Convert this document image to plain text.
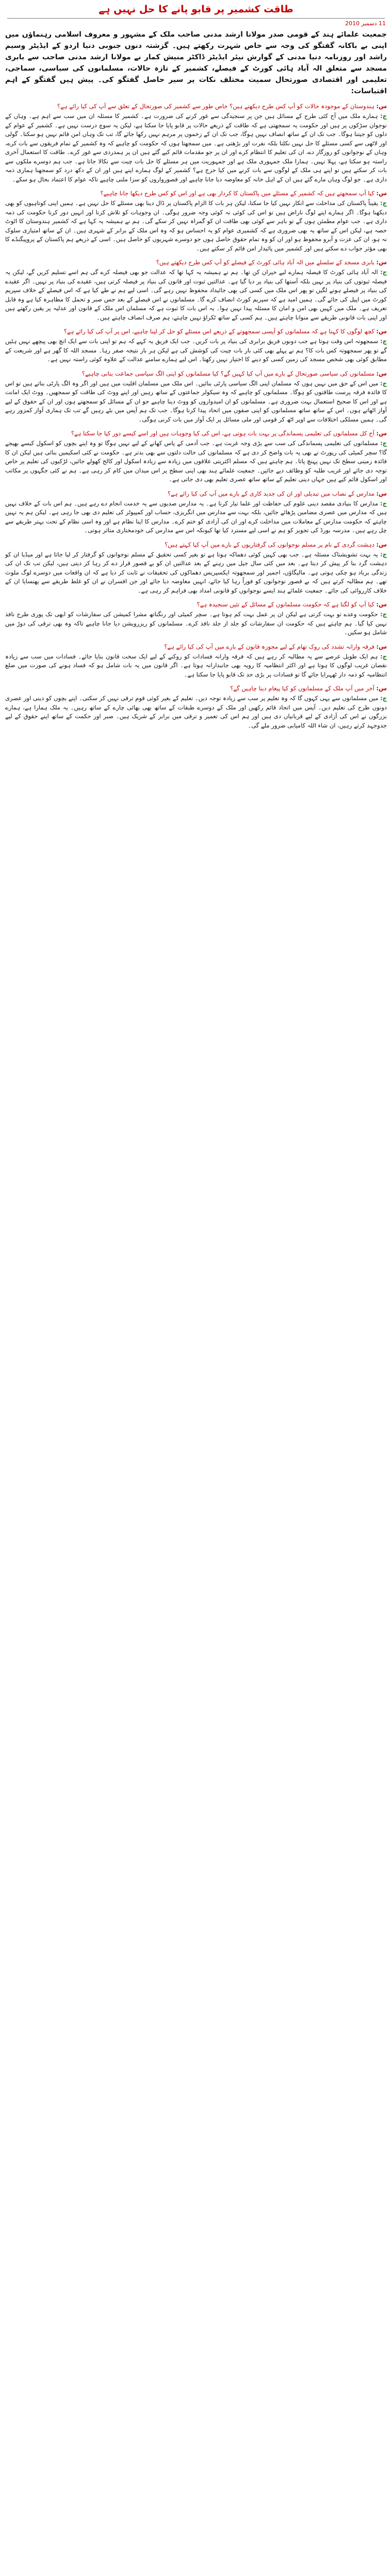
طاقت کشمیر پر قابو پانے کا حل نہیں ہے
11 دسمبر 2010

جمعیت علمائے ہند کے قومی صدر مولانا ارشد مدنی صاحب ملک کے مشہور و معروف اسلامی رہنماؤں میں اپنی بے باکانہ گفتگو کی وجہ سے خاص شہرت رکھتے ہیں۔ گزشتہ دنوں جنوبی دنیا اردو کے ایڈیٹر وسیم راشد اور روزنامہ دنیا مدنی کے گوارش نیئر ایڈیٹر ڈاکٹر منیش کمار نے مولانا ارشد مدنی صاحب سے بابری مسجد سے متعلق الہ آباد ہائی کورٹ کے فیصلے، کشمیر کے تازہ حالات، مسلمانوں کی سیاسی، سماجی، تعلیمی اور اقتصادی صورتحال سمیت مختلف نکات پر سیر حاصل گفتگو کی۔ پیش ہیں گفتگو کے اہم اقتباسات:

س: ہندوستان کے موجودہ حالات کو آپ کس طرح دیکھتے ہیں؟ خاص طور سے کشمیر کی صورتحال کے تعلق سے آپ کی کیا رائے ہے؟

ج: ہمارے ملک میں آج کئی طرح کے مسائل ہیں جن پر سنجیدگی سے غور کرنے کی ضرورت ہے۔ کشمیر کا مسئلہ ان میں سب سے اہم ہے۔ وہاں کے نوجوان سڑکوں پر ہیں اور حکومت یہ سمجھتی ہے کہ طاقت کے ذریعے حالات پر قابو پایا جا سکتا ہے، لیکن یہ سوچ درست نہیں ہے۔ کشمیر کے عوام کے دلوں کو جیتنا ہوگا۔ جب تک ان کے ساتھ انصاف نہیں ہوگا، جب تک ان کے زخموں پر مرہم نہیں رکھا جائے گا، تب تک وہاں امن قائم نہیں ہو سکتا۔ گولی اور لاٹھی سے کسی مسئلے کا حل نہیں نکلتا بلکہ نفرت اور بڑھتی ہے۔ میں سمجھتا ہوں کہ حکومت کو چاہیے کہ وہ کشمیر کے تمام فریقوں سے بات کرے، وہاں کے نوجوانوں کو روزگار دے، ان کی تعلیم کا انتظام کرے اور ان پر جو مقدمات قائم کیے گئے ہیں ان پر ہمدردی سے غور کرے۔ طاقت کا استعمال آخری راستہ ہو سکتا ہے، پہلا نہیں۔ ہمارا ملک جمہوری ملک ہے اور جمہوریت میں ہر مسئلے کا حل بات چیت سے نکالا جاتا ہے۔ جب ہم دوسرے ملکوں سے بات کر سکتے ہیں تو اپنے ہی ملک کے لوگوں سے بات کرنے میں کیا حرج ہے؟ کشمیر کے لوگ ہمارے اپنے ہیں اور ان کے دکھ درد کو سمجھنا ہماری ذمہ داری ہے۔ جو لوگ وہاں مارے گئے ہیں ان کے اہل خانہ کو معاوضہ دیا جانا چاہیے اور قصورواروں کو سزا ملنی چاہیے تاکہ عوام کا اعتماد بحال ہو سکے۔

س: کیا آپ سمجھتے ہیں کہ کشمیر کے مسئلے میں پاکستان کا کردار بھی ہے اور اس کو کس طرح دیکھا جانا چاہیے؟

ج: یقیناً پاکستان کی مداخلت سے انکار نہیں کیا جا سکتا، لیکن ہر بات کا الزام پاکستان پر ڈال دینا بھی مسئلے کا حل نہیں ہے۔ ہمیں اپنی کوتاہیوں کو بھی دیکھنا ہوگا۔ اگر ہمارے اپنے لوگ ناراض ہیں تو اس کی کوئی نہ کوئی وجہ ضرور ہوگی۔ ان وجوہات کو تلاش کرنا اور انہیں دور کرنا حکومت کی ذمہ داری ہے۔ جب عوام مطمئن ہوں گے تو باہر سے کوئی بھی طاقت ان کو گمراہ نہیں کر سکے گی۔ ہم نے ہمیشہ یہ کہا ہے کہ کشمیر ہندوستان کا اٹوٹ حصہ ہے، لیکن اس کے ساتھ یہ بھی ضروری ہے کہ کشمیری عوام کو یہ احساس ہو کہ وہ اس ملک کے برابر کے شہری ہیں۔ ان کے ساتھ امتیازی سلوک نہ ہو، ان کی عزت و آبرو محفوظ ہو اور ان کو وہ تمام حقوق حاصل ہوں جو دوسرے شہریوں کو حاصل ہیں۔ اسی کے ذریعے ہم پاکستان کے پروپیگنڈے کا بھی مؤثر جواب دے سکتے ہیں اور کشمیر میں پائیدار امن قائم کر سکتے ہیں۔

س: بابری مسجد کے سلسلے میں الہ آباد ہائی کورٹ کے فیصلے کو آپ کس طرح دیکھتے ہیں؟

ج: الہ آباد ہائی کورٹ کا فیصلہ ہمارے لیے حیران کن تھا۔ ہم نے ہمیشہ یہ کہا تھا کہ عدالت جو بھی فیصلہ کرے گی ہم اسے تسلیم کریں گے، لیکن یہ فیصلہ ثبوتوں کی بنیاد پر نہیں بلکہ آستھا کی بنیاد پر دیا گیا ہے۔ عدالتیں ثبوت اور قانون کی بنیاد پر فیصلہ کرتی ہیں، عقیدے کی بنیاد پر نہیں۔ اگر عقیدے کی بنیاد پر فیصلے ہونے لگیں تو پھر اس ملک میں کسی کی بھی جائیداد محفوظ نہیں رہے گی۔ اسی لیے ہم نے طے کیا ہے کہ اس فیصلے کے خلاف سپریم کورٹ میں اپیل کی جائے گی۔ ہمیں امید ہے کہ سپریم کورٹ انصاف کرے گا۔ مسلمانوں نے اس فیصلے کے بعد جس صبر و تحمل کا مظاہرہ کیا ہے وہ قابل تعریف ہے۔ ملک میں کہیں بھی امن و امان کا مسئلہ پیدا نہیں ہوا۔ یہ اس بات کا ثبوت ہے کہ مسلمان اس ملک کے قانون اور عدلیہ پر یقین رکھتے ہیں اور اپنی بات قانونی طریقے سے منوانا چاہتے ہیں۔ ہم کسی کے ساتھ ٹکراؤ نہیں چاہتے، ہم صرف انصاف چاہتے ہیں۔

س: کچھ لوگوں کا کہنا ہے کہ مسلمانوں کو آپسی سمجھوتے کے ذریعے اس مسئلے کو حل کر لینا چاہیے، اس پر آپ کی کیا رائے ہے؟

ج: سمجھوتہ اس وقت ہوتا ہے جب دونوں فریق برابری کی بنیاد پر بات کریں۔ جب ایک فریق یہ کہے کہ ہم تو اپنی بات سے ایک انچ بھی پیچھے نہیں ہٹیں گے تو پھر سمجھوتہ کس بات کا؟ ہم نے پہلے بھی کئی بار بات چیت کی کوشش کی ہے لیکن ہر بار نتیجہ صفر رہا۔ مسجد اللہ کا گھر ہے اور شریعت کے مطابق کوئی بھی شخص مسجد کی زمین کسی کو دینے کا اختیار نہیں رکھتا۔ اس لیے ہمارے سامنے عدالت کے علاوہ کوئی راستہ نہیں ہے۔

س: مسلمانوں کی سیاسی صورتحال کے بارے میں آپ کیا کہیں گے؟ کیا مسلمانوں کو اپنی الگ سیاسی جماعت بنانی چاہیے؟

ج: میں اس کے حق میں نہیں ہوں کہ مسلمان اپنی الگ سیاسی پارٹی بنائیں۔ اس ملک میں مسلمان اقلیت میں ہیں اور اگر وہ الگ پارٹی بناتے ہیں تو اس کا فائدہ فرقہ پرست طاقتوں کو ہوگا۔ مسلمانوں کو چاہیے کہ وہ سیکولر جماعتوں کے ساتھ رہیں اور اپنے ووٹ کی طاقت کو سمجھیں۔ ووٹ ایک امانت ہے اور اس کا صحیح استعمال بہت ضروری ہے۔ مسلمانوں کو ان امیدواروں کو ووٹ دینا چاہیے جو ان کے مسائل کو سمجھتے ہوں اور ان کے حقوق کے لیے آواز اٹھاتے ہوں۔ اس کے ساتھ ساتھ مسلمانوں کو اپنی صفوں میں اتحاد پیدا کرنا ہوگا۔ جب تک ہم آپس میں بٹے رہیں گے تب تک ہماری آواز کمزور رہے گی۔ ہمیں مسلکی اختلافات سے اوپر اٹھ کر قومی اور ملی مسائل پر ایک آواز میں بات کرنی ہوگی۔

س: آج کل مسلمانوں کی تعلیمی پسماندگی پر بہت بات ہوتی ہے، اس کی کیا وجوہات ہیں اور اسے کیسے دور کیا جا سکتا ہے؟

ج: مسلمانوں کی تعلیمی پسماندگی کی سب سے بڑی وجہ غربت ہے۔ جب آدمی کے پاس کھانے کے لیے نہیں ہوگا تو وہ اپنے بچوں کو اسکول کیسے بھیجے گا؟ سچر کمیٹی کی رپورٹ نے بھی یہ بات واضح کر دی ہے کہ مسلمانوں کی حالت دلتوں سے بھی بدتر ہے۔ حکومت نے کئی اسکیمیں بنائی ہیں لیکن ان کا فائدہ زمینی سطح تک نہیں پہنچ پاتا۔ ہم چاہتے ہیں کہ مسلم اکثریتی علاقوں میں زیادہ سے زیادہ اسکول اور کالج کھولے جائیں، لڑکیوں کی تعلیم پر خاص توجہ دی جائے اور غریب طلبہ کو وظائف دیے جائیں۔ جمعیت علمائے ہند بھی اپنی سطح پر اس میدان میں کام کر رہی ہے۔ ہم نے کئی جگہوں پر مکاتب اور اسکول قائم کیے ہیں جہاں دینی تعلیم کے ساتھ ساتھ عصری تعلیم بھی دی جاتی ہے۔

س: مدارس کے نصاب میں تبدیلی اور ان کی جدید کاری کے بارے میں آپ کی کیا رائے ہے؟

ج: مدارس کا بنیادی مقصد دینی علوم کی حفاظت اور علما تیار کرنا ہے۔ یہ مدارس صدیوں سے یہ خدمت انجام دے رہے ہیں۔ ہم اس بات کے خلاف نہیں ہیں کہ مدارس میں عصری مضامین پڑھائے جائیں، بلکہ بہت سے مدارس میں انگریزی، حساب اور کمپیوٹر کی تعلیم دی بھی جا رہی ہے۔ لیکن ہم یہ نہیں چاہتے کہ حکومت مدارس کے معاملات میں مداخلت کرے اور ان کی آزادی کو ختم کرے۔ مدارس کا اپنا نظام ہے اور وہ اسی نظام کے تحت بہتر طریقے سے چل رہے ہیں۔ مدرسہ بورڈ کی تجویز کو ہم نے اسی لیے مسترد کیا تھا کیونکہ اس سے مدارس کی خودمختاری متاثر ہوتی۔

س: دہشت گردی کے نام پر مسلم نوجوانوں کی گرفتاریوں کے بارے میں آپ کیا کہتے ہیں؟

ج: یہ بہت تشویشناک مسئلہ ہے۔ جب بھی کہیں کوئی دھماکہ ہوتا ہے تو بغیر کسی تحقیق کے مسلم نوجوانوں کو گرفتار کر لیا جاتا ہے اور میڈیا ان کو دہشت گرد بنا کر پیش کر دیتا ہے۔ بعد میں کئی سال جیل میں رہنے کے بعد عدالتیں ان کو بے قصور قرار دے کر رہا کر دیتی ہیں، لیکن تب تک ان کی زندگی برباد ہو چکی ہوتی ہے۔ مالیگاؤں، اجمیر اور سمجھوتہ ایکسپریس دھماکوں کی تحقیقات نے ثابت کر دیا ہے کہ ان واقعات میں دوسرے لوگ ملوث تھے۔ ہم مطالبہ کرتے ہیں کہ بے قصور نوجوانوں کو فوراً رہا کیا جائے، انہیں معاوضہ دیا جائے اور جن افسران نے ان کو غلط طریقے سے پھنسایا ان کے خلاف کارروائی کی جائے۔ جمعیت علمائے ہند ایسے نوجوانوں کو قانونی امداد بھی فراہم کر رہی ہے۔

س: کیا آپ کو لگتا ہے کہ حکومت مسلمانوں کے مسائل کے تئیں سنجیدہ ہے؟

ج: حکومت وعدے تو بہت کرتی ہے لیکن ان پر عمل بہت کم ہوتا ہے۔ سچر کمیٹی اور رنگناتھ مشرا کمیشن کی سفارشات کو ابھی تک پوری طرح نافذ نہیں کیا گیا۔ ہم چاہتے ہیں کہ حکومت ان سفارشات کو جلد از جلد نافذ کرے۔ مسلمانوں کو ریزرویشن دیا جانا چاہیے تاکہ وہ بھی ترقی کی دوڑ میں شامل ہو سکیں۔

س: فرقہ وارانہ تشدد کی روک تھام کے لیے مجوزہ قانون کے بارے میں آپ کی کیا رائے ہے؟

ج: ہم ایک طویل عرصے سے یہ مطالبہ کر رہے ہیں کہ فرقہ وارانہ فسادات کو روکنے کے لیے ایک سخت قانون بنایا جائے۔ فسادات میں سب سے زیادہ نقصان غریب لوگوں کا ہوتا ہے اور اکثر انتظامیہ کا رویہ بھی جانبدارانہ ہوتا ہے۔ اگر قانون میں یہ بات شامل ہو کہ فساد ہونے کی صورت میں ضلع انتظامیہ کو ذمہ دار ٹھہرایا جائے گا تو فسادات پر بڑی حد تک قابو پایا جا سکتا ہے۔

س: آخر میں آپ ملک کے مسلمانوں کو کیا پیغام دینا چاہیں گے؟

ج: میں مسلمانوں سے یہی کہوں گا کہ وہ تعلیم پر سب سے زیادہ توجہ دیں۔ تعلیم کے بغیر کوئی قوم ترقی نہیں کر سکتی۔ اپنے بچوں کو دینی اور عصری دونوں طرح کی تعلیم دیں۔ آپس میں اتحاد قائم رکھیں اور ملک کے دوسرے طبقات کے ساتھ بھی بھائی چارے کے ساتھ رہیں۔ یہ ملک ہمارا ہے، ہمارے بزرگوں نے اس کی آزادی کے لیے قربانیاں دی ہیں اور ہم اس کی تعمیر و ترقی میں برابر کے شریک ہیں۔ صبر اور حکمت کے ساتھ اپنے حقوق کے لیے جدوجہد کرتے رہیں، ان شاء اللہ کامیابی ضرور ملے گی۔
